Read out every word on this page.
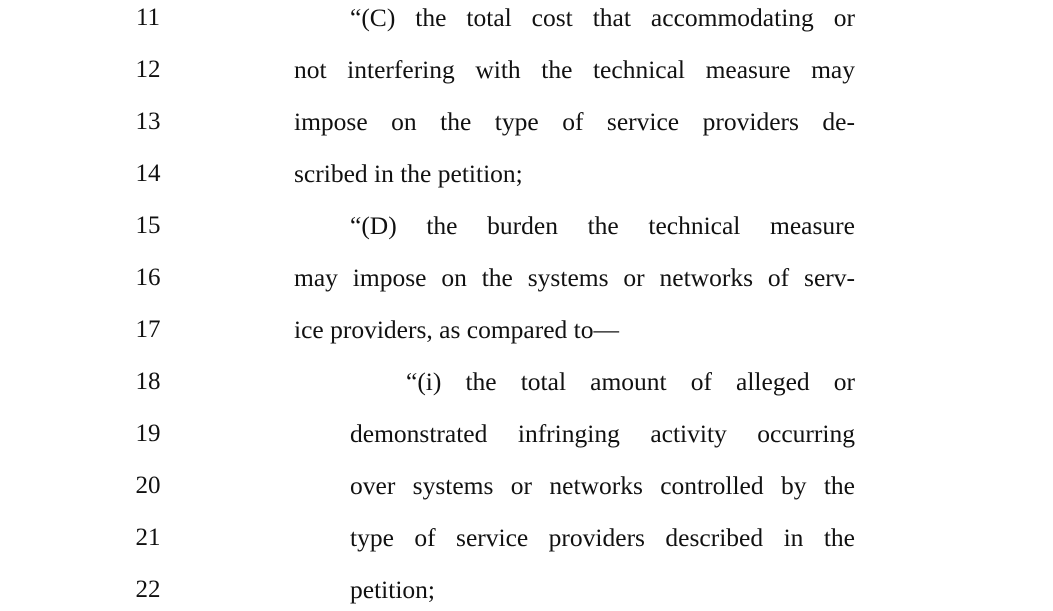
11	“(C) the total cost that accommodating or
12	not interfering with the technical measure may
13	impose on the type of service providers de-
14	scribed in the petition;
15	“(D) the burden the technical measure
16	may impose on the systems or networks of serv-
17	ice providers, as compared to—
18	“(i) the total amount of alleged or
19	demonstrated infringing activity occurring
20	over systems or networks controlled by the
21	type of service providers described in the
22	petition;
